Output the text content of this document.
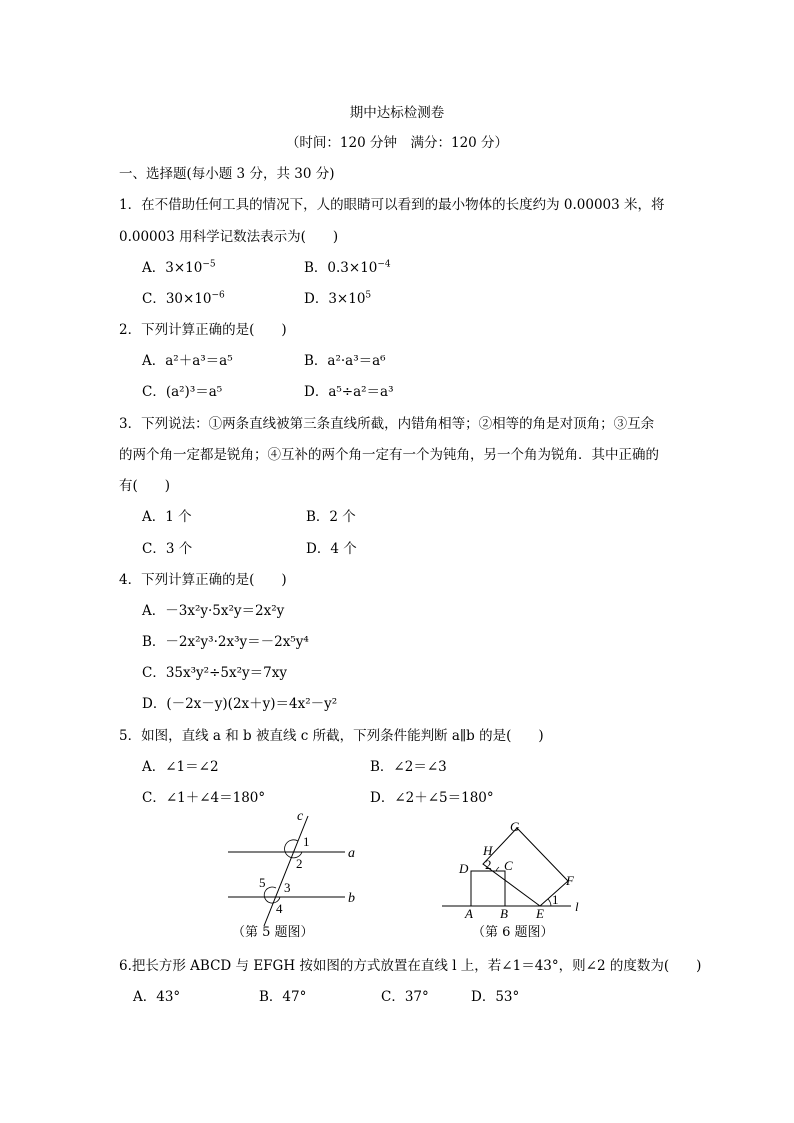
期中达标检测卷
（时间：120 分钟　满分：120 分）
一、选择题(每小题 3 分，共 30 分)
1．在不借助任何工具的情况下，人的眼睛可以看到的最小物体的长度约为 0.00003 米，将
0.00003 用科学记数法表示为(　　)
A．$3\times 10^{-5}$	B．$0.3\times 10^{-4}$
C．$30\times 10^{-6}$	D．$3\times 10^5$
2．下列计算正确的是(　　)
A．a²＋a³＝a⁵	B．a²·a³＝a⁶
C．(a²)³＝a⁵	D．a⁵÷a²＝a³
3．下列说法：①两条直线被第三条直线所截，内错角相等；②相等的角是对顶角；③互余
的两个角一定都是锐角；④互补的两个角一定有一个为钝角，另一个角为锐角．其中正确的
有(　　)
A．1 个	B．2 个
C．3 个	D．4 个
4．下列计算正确的是(　　)
A．－3x²y·5x²y＝2x²y
B．－2x²y³·2x³y＝－2x⁵y⁴
C．35x³y²÷5x²y＝7xy
D．(－2x－y)(2x＋y)＝4x²－y²
5．如图，直线 a 和 b 被直线 c 所截，下列条件能判断 a∥b 的是(　　)
A．∠1＝∠2	B．∠2＝∠3
C．∠1＋∠4＝180°	D．∠2＋∠5＝180°
c
a
b
1
2
5 3
4
（第 5 题图）
G
H
2 C
D
F
1 l
A B E
（第 6 题图）
6.把长方形 ABCD 与 EFGH 按如图的方式放置在直线 l 上，若∠1＝43°，则∠2 的度数为(　　)
A．43°	B．47°	C．37°	D．53°
